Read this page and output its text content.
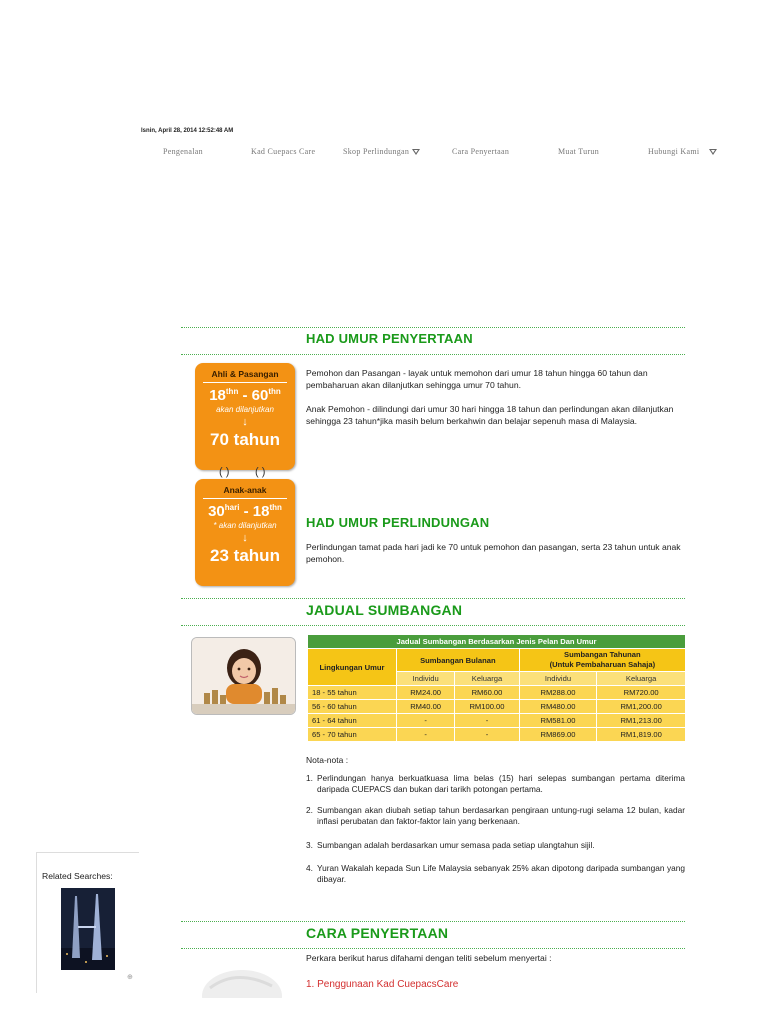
Isnin, April 28, 2014 12:52:48 AM
Pengenalan	Kad Cuepacs Care	Skop Perlindungan	Cara Penyertaan	Muat Turun	Hubungi Kami
HAD UMUR PENYERTAAN
Pemohon dan Pasangan - layak untuk memohon dari umur 18 tahun hingga 60 tahun dan pembaharuan akan dilanjutkan sehingga umur 70 tahun.
Anak Pemohon - dilindungi dari umur 30 hari hingga 18 tahun dan perlindungan akan dilanjutkan sehingga 23 tahun*jika masih belum berkahwin dan belajar sepenuh masa di Malaysia.
Ahli & Pasangan
$18^{thn} - 60^{thn}$
akan dilanjutkan
↓
70 tahun
( ) ( )
Anak-anak
$30^{hari} - 18^{thn}$
* akan dilanjutkan
↓
23 tahun
HAD UMUR PERLINDUNGAN
Perlindungan tamat pada hari jadi ke 70 untuk pemohon dan pasangan, serta 23 tahun untuk anak pemohon.
JADUAL SUMBANGAN
Jadual Sumbangan Berdasarkan Jenis Pelan Dan Umur				
Lingkungan Umur	Sumbangan Bulanan		Sumbangan Tahunan
(Untuk Pembaharuan Sahaja)	
	Individu	Keluarga	Individu	Keluarga
18 - 55 tahun	RM24.00	RM60.00	RM288.00	RM720.00
56 - 60 tahun	RM40.00	RM100.00	RM480.00	RM1,200.00
61 - 64 tahun	-	-	RM581.00	RM1,213.00
65 - 70 tahun	-	-	RM869.00	RM1,819.00
Nota-nota :
1. Perlindungan hanya berkuatkuasa lima belas (15) hari selepas sumbangan pertama diterima daripada CUEPACS dan bukan dari tarikh potongan pertama.
2. Sumbangan akan diubah setiap tahun berdasarkan pengiraan untung-rugi selama 12 bulan, kadar inflasi perubatan dan faktor-faktor lain yang berkenaan.
3. Sumbangan adalah berdasarkan umur semasa pada setiap ulangtahun sijil.
4. Yuran Wakalah kepada Sun Life Malaysia sebanyak 25% akan dipotong daripada sumbangan yang dibayar.
Related Searches:
⊕
CARA PENYERTAAN
Perkara berikut harus difahami dengan teliti sebelum menyertai :
1. Penggunaan Kad CuepacsCare
